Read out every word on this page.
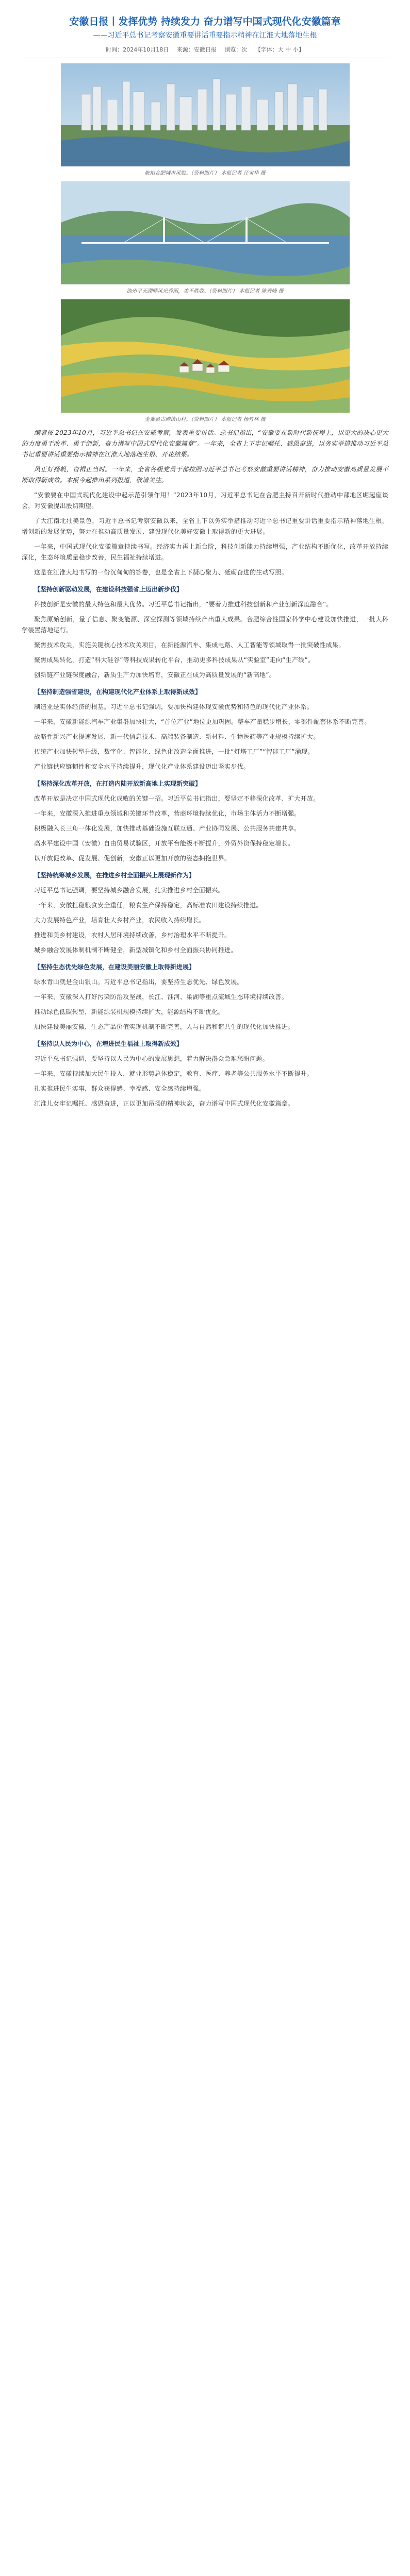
安徽日报丨发挥优势 持续发力 奋力谱写中国式现代化安徽篇章

——习近平总书记考察安徽重要讲话重要指示精神在江淮大地落地生根

时间：2024年10月18日 来源：安徽日报 浏览：次 【字体：大 中 小】
航拍合肥城市风貌。（资料图片） 本报记者 汪宝华 摄
池州平天湖畔风光秀丽，美不胜收。（资料图片） 本报记者 陈秀峰 摄
金寨县古碑镇山村。（资料图片） 本报记者 杨竹林 摄

编者按 2023年10月，习近平总书记在安徽考察，发表重要讲话。总书记指出，“安徽要在新时代新征程上，以更大的决心更大的力度勇于改革、勇于创新，奋力谱写中国式现代化安徽篇章”。一年来，全省上下牢记嘱托、感恩奋进，以务实举措推动习近平总书记重要讲话重要指示精神在江淮大地落地生根、开花结果。

风正好扬帆，奋楫正当时。一年来，全省各级党员干部按照习近平总书记考察安徽重要讲话精神，奋力推动安徽高质量发展不断取得新成效。本报今起推出系列报道，敬请关注。

“安徽要在中国式现代化建设中起示范引领作用！”2023年10月，习近平总书记在合肥主持召开新时代推动中部地区崛起座谈会，对安徽提出殷切期望。

了大江南北壮美景色，习近平总书记考察安徽以来，全省上下以务实举措推动习近平总书记重要讲话重要指示精神落地生根，增创新的发展优势，努力在推动高质量发展、建设现代化美好安徽上取得新的更大进展。

一年来，中国式现代化安徽篇章持续书写。经济实力再上新台阶，科技创新能力持续增强，产业结构不断优化，改革开放持续深化，生态环境质量稳步改善，民生福祉持续增进。

这是在江淮大地书写的一份沉甸甸的答卷，也是全省上下凝心聚力、砥砺奋进的生动写照。

【坚持创新驱动发展，在建设科技强省上迈出新步伐】

科技创新是安徽的最大特色和最大优势。习近平总书记指出，“要着力推进科技创新和产业创新深度融合”。

聚焦原始创新，量子信息、聚变能源、深空探测等领域持续产出重大成果。合肥综合性国家科学中心建设加快推进，一批大科学装置落地运行。

聚焦技术攻关，实施关键核心技术攻关项目，在新能源汽车、集成电路、人工智能等领域取得一批突破性成果。

聚焦成果转化，打造“科大硅谷”等科技成果转化平台，推动更多科技成果从“实验室”走向“生产线”。

创新链产业链深度融合，新质生产力加快培育，安徽正在成为高质量发展的“新高地”。

【坚持制造强省建设，在构建现代化产业体系上取得新成效】

制造业是实体经济的根基。习近平总书记强调，要加快构建体现安徽优势和特色的现代化产业体系。

一年来，安徽新能源汽车产业集群加快壮大，“首位产业”地位更加巩固。整车产量稳步增长，零部件配套体系不断完善。

战略性新兴产业提速发展，新一代信息技术、高端装备制造、新材料、生物医药等产业规模持续扩大。

传统产业加快转型升级，数字化、智能化、绿色化改造全面推进，一批“灯塔工厂”“智能工厂”涌现。

产业链供应链韧性和安全水平持续提升，现代化产业体系建设迈出坚实步伐。

【坚持深化改革开放，在打造内陆开放新高地上实现新突破】

改革开放是决定中国式现代化成败的关键一招。习近平总书记指出，要坚定不移深化改革、扩大开放。

一年来，安徽深入推进重点领域和关键环节改革，营商环境持续优化，市场主体活力不断增强。

积极融入长三角一体化发展，加快推动基础设施互联互通、产业协同发展、公共服务共建共享。

高水平建设中国（安徽）自由贸易试验区，开放平台能级不断提升，外贸外资保持稳定增长。

以开放促改革、促发展、促创新，安徽正以更加开放的姿态拥抱世界。

【坚持统筹城乡发展，在推进乡村全面振兴上展现新作为】

习近平总书记强调，要坚持城乡融合发展，扎实推进乡村全面振兴。

一年来，安徽扛稳粮食安全重任，粮食生产保持稳定，高标准农田建设持续推进。

大力发展特色产业，培育壮大乡村产业，农民收入持续增长。

推进和美乡村建设，农村人居环境持续改善，乡村治理水平不断提升。

城乡融合发展体制机制不断健全，新型城镇化和乡村全面振兴协同推进。

【坚持生态优先绿色发展，在建设美丽安徽上取得新进展】

绿水青山就是金山银山。习近平总书记指出，要坚持生态优先、绿色发展。

一年来，安徽深入打好污染防治攻坚战，长江、淮河、巢湖等重点流域生态环境持续改善。

推动绿色低碳转型，新能源装机规模持续扩大，能源结构不断优化。

加快建设美丽安徽，生态产品价值实现机制不断完善，人与自然和谐共生的现代化加快推进。

【坚持以人民为中心，在增进民生福祉上取得新成效】

习近平总书记强调，要坚持以人民为中心的发展思想，着力解决群众急难愁盼问题。

一年来，安徽持续加大民生投入，就业形势总体稳定，教育、医疗、养老等公共服务水平不断提升。

扎实推进民生实事，群众获得感、幸福感、安全感持续增强。

江淮儿女牢记嘱托、感恩奋进，正以更加昂扬的精神状态，奋力谱写中国式现代化安徽篇章。
